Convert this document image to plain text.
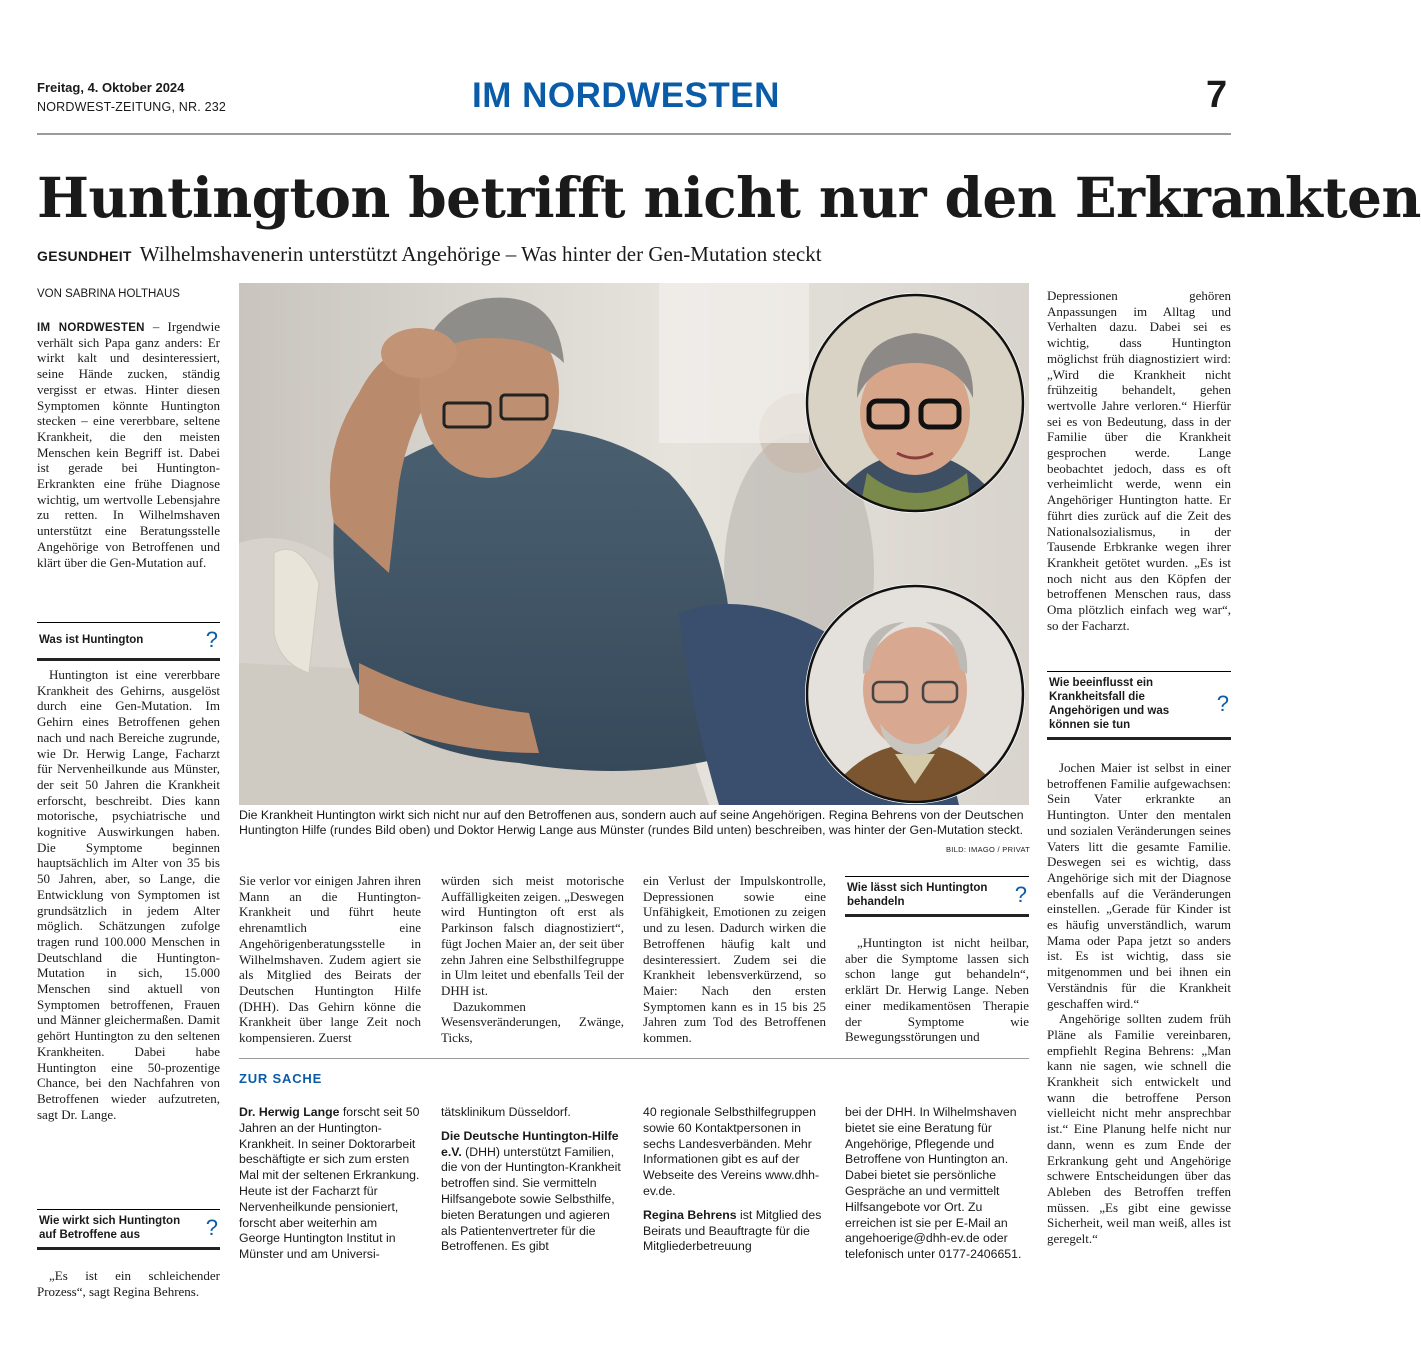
Freitag, 4. Oktober 2024
NORDWEST-ZEITUNG, NR. 232	IM NORDWESTEN	7
Huntington betrifft nicht nur den Erkrankten
GESUNDHEIT Wilhelmshavenerin unterstützt Angehörige – Was hinter der Gen-Mutation steckt
VON SABRINA HOLTHAUS

IM NORDWESTEN – Irgendwie verhält sich Papa ganz anders: Er wirkt kalt und desinteressiert, seine Hände zucken, ständig vergisst er etwas. Hinter diesen Symptomen könnte Huntington stecken – eine vererbbare, seltene Krankheit, die den meisten Menschen kein Begriff ist. Dabei ist gerade bei Huntington-Erkrankten eine frühe Diagnose wichtig, um wertvolle Lebensjahre zu retten. In Wilhelmshaven unterstützt eine Beratungsstelle Angehörige von Betroffenen und klärt über die Gen-Mutation auf.

Was ist Huntington	?

Huntington ist eine vererbbare Krankheit des Gehirns, ausgelöst durch eine Gen-Mutation. Im Gehirn eines Betroffenen gehen nach und nach Bereiche zugrunde, wie Dr. Herwig Lange, Facharzt für Nervenheilkunde aus Münster, der seit 50 Jahren die Krankheit erforscht, beschreibt. Dies kann motorische, psychiatrische und kognitive Auswirkungen haben. Die Symptome beginnen hauptsächlich im Alter von 35 bis 50 Jahren, aber, so Lange, die Entwicklung von Symptomen ist grundsätzlich in jedem Alter möglich. Schätzungen zufolge tragen rund 100.000 Menschen in Deutschland die Huntington-Mutation in sich, 15.000 Menschen sind aktuell von Symptomen betroffenen, Frauen und Männer gleichermaßen. Damit gehört Huntington zu den seltenen Krankheiten. Dabei habe Huntington eine 50-prozentige Chance, bei den Nachfahren von Betroffenen wieder aufzutreten, sagt Dr. Lange.

Wie wirkt sich Huntington auf Betroffene aus	?

„Es ist ein schleichender Prozess“, sagt Regina Behrens.

Die Krankheit Huntington wirkt sich nicht nur auf den Betroffenen aus, sondern auch auf seine Angehörigen. Regina Behrens von der Deutschen Huntington Hilfe (rundes Bild oben) und Doktor Herwig Lange aus Münster (rundes Bild unten) beschreiben, was hinter der Gen-Mutation steckt.
BILD: IMAGO / PRIVAT

Sie verlor vor einigen Jahren ihren Mann an die Huntington-Krankheit und führt heute ehrenamtlich eine Angehörigenberatungsstelle in Wilhelmshaven. Zudem agiert sie als Mitglied des Beirats der Deutschen Huntington Hilfe (DHH). Das Gehirn könne die Krankheit über lange Zeit noch kompensieren. Zuerst

würden sich meist motorische Auffälligkeiten zeigen. „Deswegen wird Huntington oft erst als Parkinson falsch diagnostiziert“, fügt Jochen Maier an, der seit über zehn Jahren eine Selbsthilfegruppe in Ulm leitet und ebenfalls Teil der DHH ist.

Dazukommen Wesensveränderungen, Zwänge, Ticks,

ein Verlust der Impulskontrolle, Depressionen sowie eine Unfähigkeit, Emotionen zu zeigen und zu lesen. Dadurch wirken die Betroffenen häufig kalt und desinteressiert. Zudem sei die Krankheit lebensverkürzend, so Maier: Nach den ersten Symptomen kann es in 15 bis 25 Jahren zum Tod des Betroffenen kommen.

Wie lässt sich Huntington behandeln	?

„Huntington ist nicht heilbar, aber die Symptome lassen sich schon lange gut behandeln“, erklärt Dr. Herwig Lange. Neben einer medikamentösen Therapie der Symptome wie Bewegungsstörungen und

ZUR SACHE
Dr. Herwig Lange forscht seit 50 Jahren an der Huntington-Krankheit. In seiner Doktorarbeit beschäftigte er sich zum ersten Mal mit der seltenen Erkrankung. Heute ist der Facharzt für Nervenheilkunde pensioniert, forscht aber weiterhin am George Huntington Institut in Münster und am Universi-
tätsklinikum Düsseldorf.
Die Deutsche Huntington-Hilfe e.V. (DHH) unterstützt Familien, die von der Huntington-Krankheit betroffen sind. Sie vermitteln Hilfsangebote sowie Selbsthilfe, bieten Beratungen und agieren als Patientenvertreter für die Betroffenen. Es gibt
40 regionale Selbsthilfegruppen sowie 60 Kontaktpersonen in sechs Landesverbänden. Mehr Informationen gibt es auf der Webseite des Vereins www.dhh-ev.de.
Regina Behrens ist Mitglied des Beirats und Beauftragte für die Mitgliederbetreuung
bei der DHH. In Wilhelmshaven bietet sie eine Beratung für Angehörige, Pflegende und Betroffene von Huntington an. Dabei bietet sie persönliche Gespräche an und vermittelt Hilfsangebote vor Ort. Zu erreichen ist sie per E-Mail an angehoerige@dhh-ev.de oder telefonisch unter 0177-2406651.

Depressionen gehören Anpassungen im Alltag und Verhalten dazu. Dabei sei es wichtig, dass Huntington möglichst früh diagnostiziert wird: „Wird die Krankheit nicht frühzeitig behandelt, gehen wertvolle Jahre verloren.“ Hierfür sei es von Bedeutung, dass in der Familie über die Krankheit gesprochen werde. Lange beobachtet jedoch, dass es oft verheimlicht werde, wenn ein Angehöriger Huntington hatte. Er führt dies zurück auf die Zeit des Nationalsozialismus, in der Tausende Erbkranke wegen ihrer Krankheit getötet wurden. „Es ist noch nicht aus den Köpfen der betroffenen Menschen raus, dass Oma plötzlich einfach weg war“, so der Facharzt.

Wie beeinflusst ein Krankheitsfall die Angehörigen und was können sie tun
?

Jochen Maier ist selbst in einer betroffenen Familie aufgewachsen: Sein Vater erkrankte an Huntington. Unter den mentalen und sozialen Veränderungen seines Vaters litt die gesamte Familie. Deswegen sei es wichtig, dass Angehörige sich mit der Diagnose ebenfalls auf die Veränderungen einstellen. „Gerade für Kinder ist es häufig unverständlich, warum Mama oder Papa jetzt so anders ist. Es ist wichtig, dass sie mitgenommen und bei ihnen ein Verständnis für die Krankheit geschaffen wird.“

Angehörige sollten zudem früh Pläne als Familie vereinbaren, empfiehlt Regina Behrens: „Man kann nie sagen, wie schnell die Krankheit sich entwickelt und wann die betroffene Person vielleicht nicht mehr ansprechbar ist.“ Eine Planung helfe nicht nur dann, wenn es zum Ende der Erkrankung geht und Angehörige schwere Entscheidungen über das Ableben des Betroffen treffen müssen. „Es gibt eine gewisse Sicherheit, weil man weiß, alles ist geregelt.“
